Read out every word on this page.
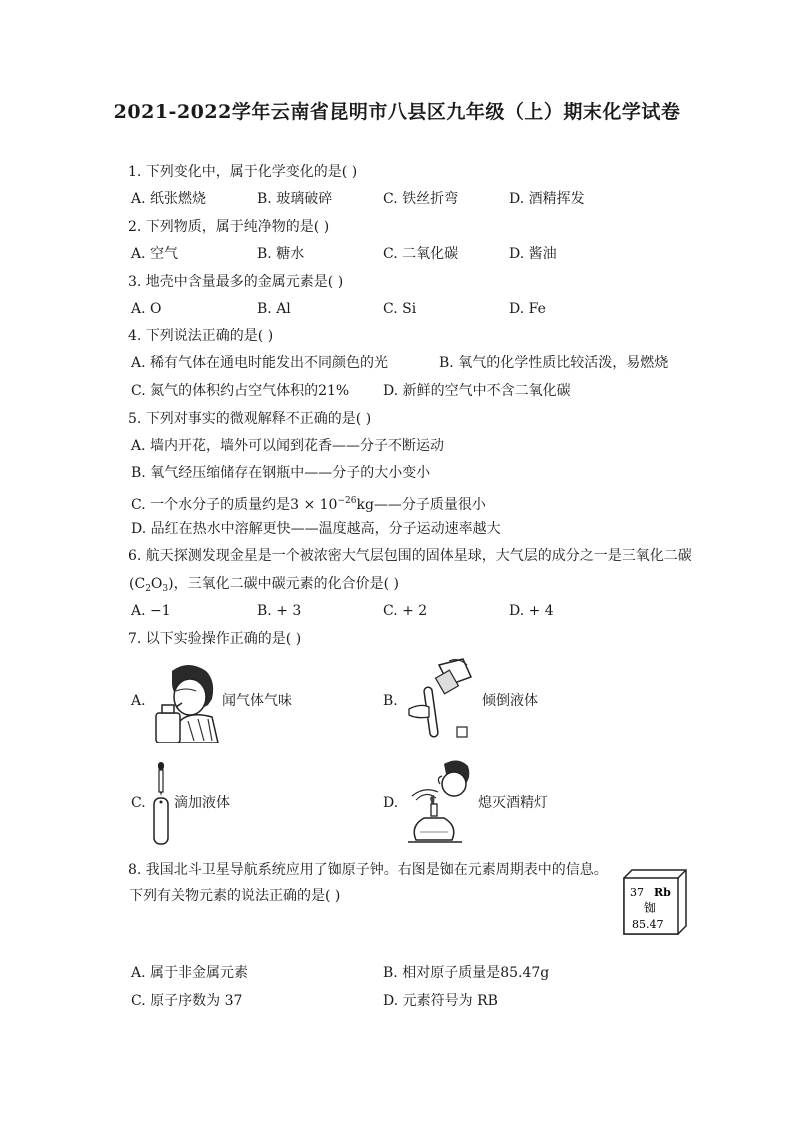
2021-2022学年云南省昆明市八县区九年级（上）期末化学试卷
1. 下列变化中，属于化学变化的是( )
A. 纸张燃烧	B. 玻璃破碎	C. 铁丝折弯	D. 酒精挥发
2. 下列物质，属于纯净物的是( )
A. 空气	B. 糖水	C. 二氧化碳	D. 酱油
3. 地壳中含量最多的金属元素是( )
A. O	B. Al	C. Si	D. Fe
4. 下列说法正确的是( )
A. 稀有气体在通电时能发出不同颜色的光	B. 氧气的化学性质比较活泼，易燃烧
C. 氮气的体积约占空气体积的21% D. 新鲜的空气中不含二氧化碳
5. 下列对事实的微观解释不正确的是( )
A. 墙内开花，墙外可以闻到花香——分子不断运动
B. 氧气经压缩储存在钢瓶中——分子的大小变小
C. 一个水分子的质量约是$3 \times 10^{-26}kg——$分子质量很小
D. 品红在热水中溶解更快——温度越高，分子运动速率越大
6. 航天探测发现金星是一个被浓密大气层包围的固体星球，大气层的成分之一是三氧化二碳
$(C_2O_3)$，三氧化二碳中碳元素的化合价是( )
A. −1	B. + 3	C. + 2	D. + 4
7. 以下实验操作正确的是( )
A.	闻气体气味	B.	倾倒液体
C. 滴加液体	D.	熄灭酒精灯
8. 我国北斗卫星导航系统应用了铷原子钟。右图是铷在元素周期表中的信息。
下列有关物元素的说法正确的是( )	37 Rb
铷
85.47
A. 属于非金属元素	B. 相对原子质量是85.47g
C. 原子序数为 37	D. 元素符号为 RB
